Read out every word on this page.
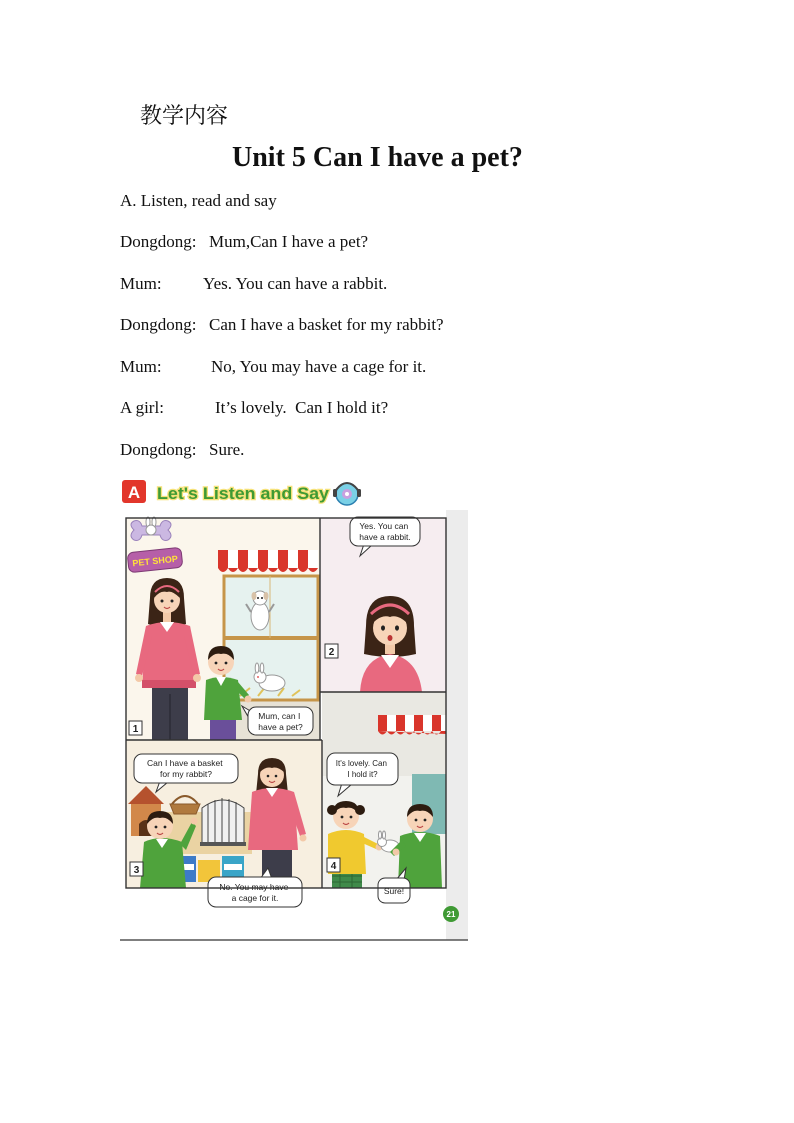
教学内容
Unit 5 Can I have a pet?
A. Listen, read and say

Dongdong:

Mum,Can I have a pet?

Mum:

Yes. You can have a rabbit.

Dongdong:

Can I have a basket for my rabbit?

Mum:

	No, You may have a cage for it.

A girl:

	It’s lovely.  Can I hold it?

Dongdong:

Sure.

A Let's Listen and Say
PET SHOP
Mum, can I have a pet?
1
Yes. You can have a rabbit.
2
Can I have a basket for my rabbit?
No. You may have a cage for it.
3
It's lovely. Can I hold it?
Sure!
4
21
